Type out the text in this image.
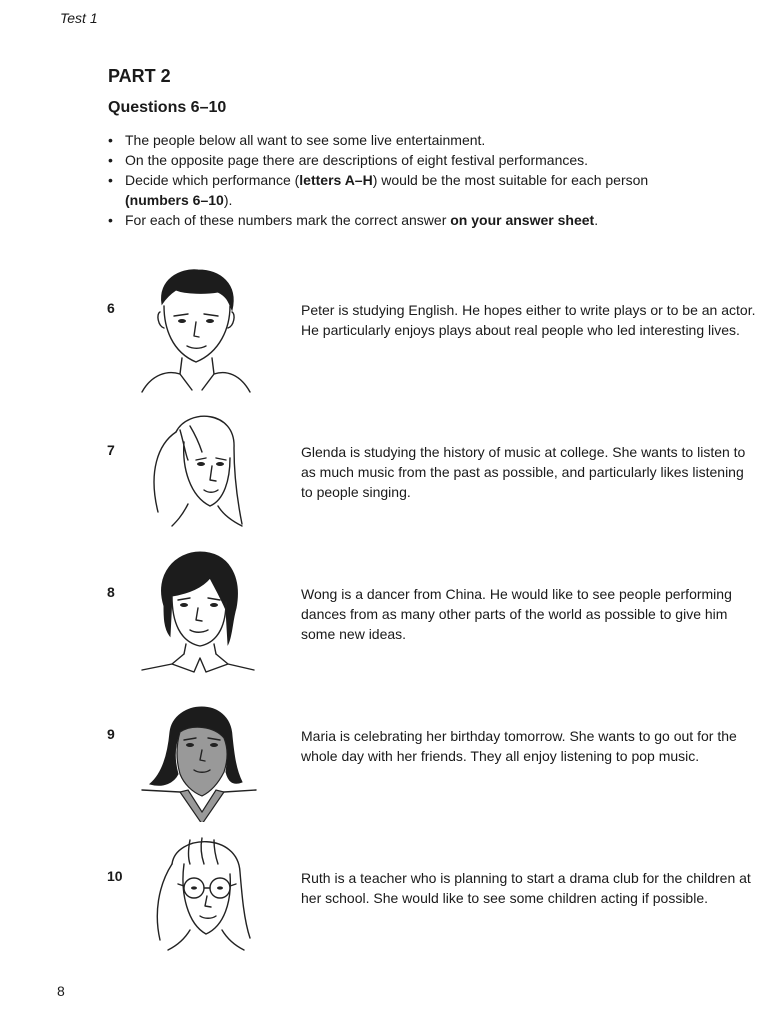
Test 1
PART 2
Questions 6–10
• The people below all want to see some live entertainment.
• On the opposite page there are descriptions of eight festival performances.
• Decide which performance (letters A–H) would be the most suitable for each person (numbers 6–10).
• For each of these numbers mark the correct answer on your answer sheet.
6	Peter is studying English. He hopes either to write plays or to be an actor. He particularly enjoys plays about real people who led interesting lives.

7	Glenda is studying the history of music at college. She wants to listen to as much music from the past as possible, and particularly likes listening to people singing.

8	Wong is a dancer from China. He would like to see people performing dances from as many other parts of the world as possible to give him some new ideas.

9	Maria is celebrating her birthday tomorrow. She wants to go out for the whole day with her friends. They all enjoy listening to pop music.

10	Ruth is a teacher who is planning to start a drama club for the children at her school. She would like to see some children acting if possible.

8
